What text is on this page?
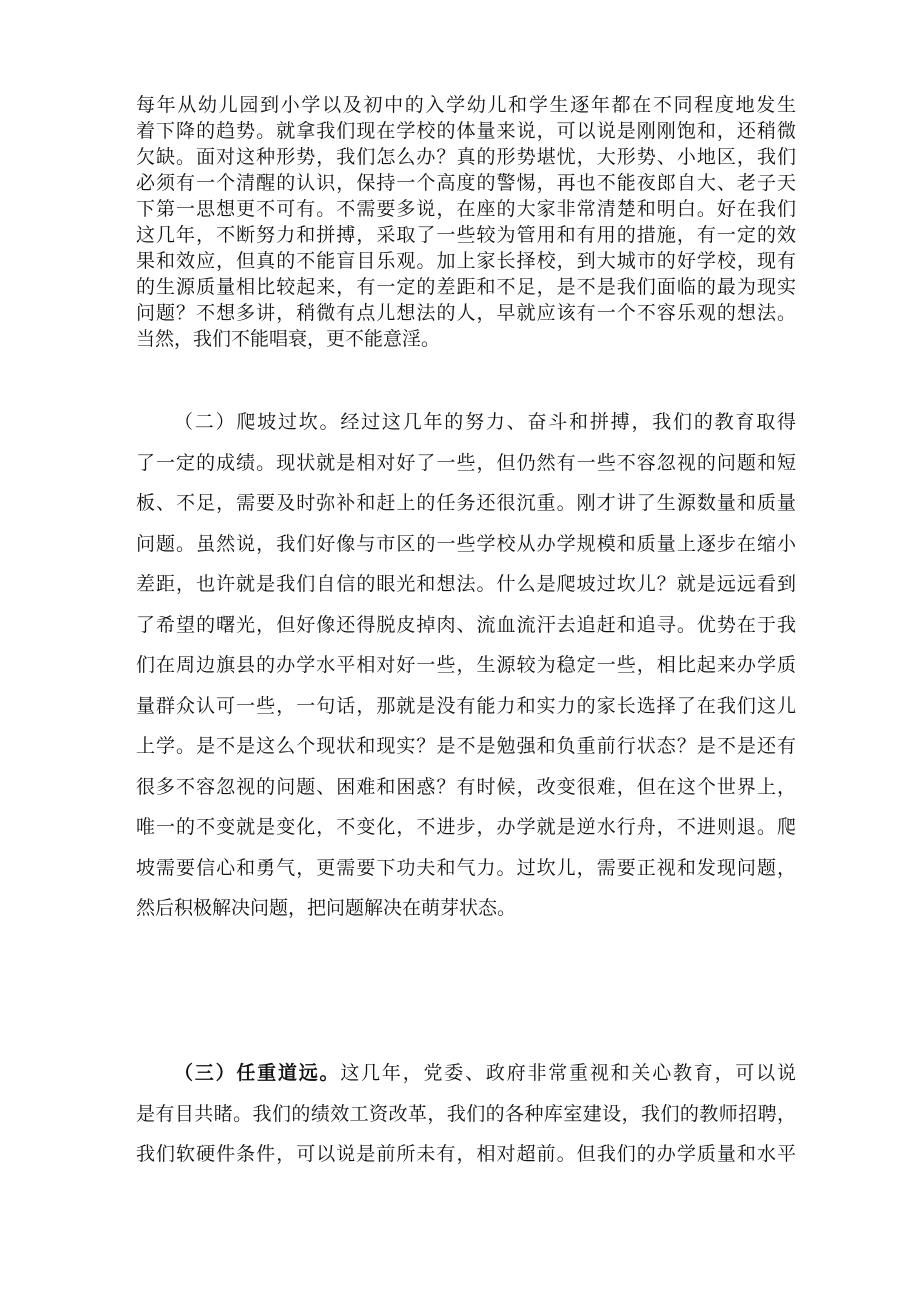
每年从幼儿园到小学以及初中的入学幼儿和学生逐年都在不同程度地发生
着下降的趋势。就拿我们现在学校的体量来说，可以说是刚刚饱和，还稍微
欠缺。面对这种形势，我们怎么办？真的形势堪忧，大形势、小地区，我们
必须有一个清醒的认识，保持一个高度的警惕，再也不能夜郎自大、老子天
下第一思想更不可有。不需要多说，在座的大家非常清楚和明白。好在我们
这几年，不断努力和拼搏，采取了一些较为管用和有用的措施，有一定的效
果和效应，但真的不能盲目乐观。加上家长择校，到大城市的好学校，现有
的生源质量相比较起来，有一定的差距和不足，是不是我们面临的最为现实
问题？不想多讲，稍微有点儿想法的人，早就应该有一个不容乐观的想法。
当然，我们不能唱衰，更不能意淫。
（二）爬坡过坎。经过这几年的努力、奋斗和拼搏，我们的教育取得
了一定的成绩。现状就是相对好了一些，但仍然有一些不容忽视的问题和短
板、不足，需要及时弥补和赶上的任务还很沉重。刚才讲了生源数量和质量
问题。虽然说，我们好像与市区的一些学校从办学规模和质量上逐步在缩小
差距，也许就是我们自信的眼光和想法。什么是爬坡过坎儿？就是远远看到
了希望的曙光，但好像还得脱皮掉肉、流血流汗去追赶和追寻。优势在于我
们在周边旗县的办学水平相对好一些，生源较为稳定一些，相比起来办学质
量群众认可一些，一句话，那就是没有能力和实力的家长选择了在我们这儿
上学。是不是这么个现状和现实？是不是勉强和负重前行状态？是不是还有
很多不容忽视的问题、困难和困惑？有时候，改变很难，但在这个世界上，
唯一的不变就是变化，不变化，不进步，办学就是逆水行舟，不进则退。爬
坡需要信心和勇气，更需要下功夫和气力。过坎儿，需要正视和发现问题，
然后积极解决问题，把问题解决在萌芽状态。
（三）任重道远。这几年，党委、政府非常重视和关心教育，可以说
是有目共睹。我们的绩效工资改革，我们的各种库室建设，我们的教师招聘，
我们软硬件条件，可以说是前所未有，相对超前。但我们的办学质量和水平
